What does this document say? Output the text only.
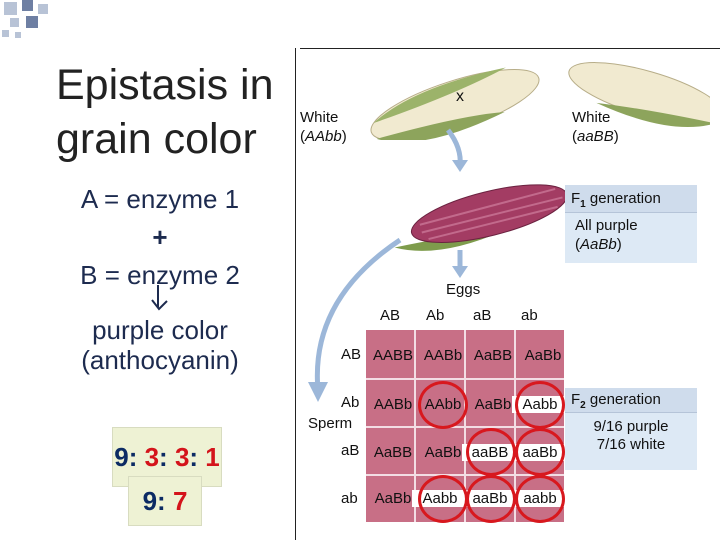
Epistasis in
grain color
A = enzyme 1
+
B = enzyme 2
purple color
(anthocyanin)
9: 3: 3: 1
9: 7
x
White
(AAbb)
White
(aaBB)
$F_1$ generation
All purple
(AaBb)
Eggs
Sperm
AB Ab aB ab
AB
Ab
aB
ab
AABB AABb AaBB AaBb
AABb AAbb AaBb Aabb
AaBB AaBb aaBB aaBb
AaBb Aabb aaBb	aabb
$F_2$ generation
9/16 purple
7/16 white
